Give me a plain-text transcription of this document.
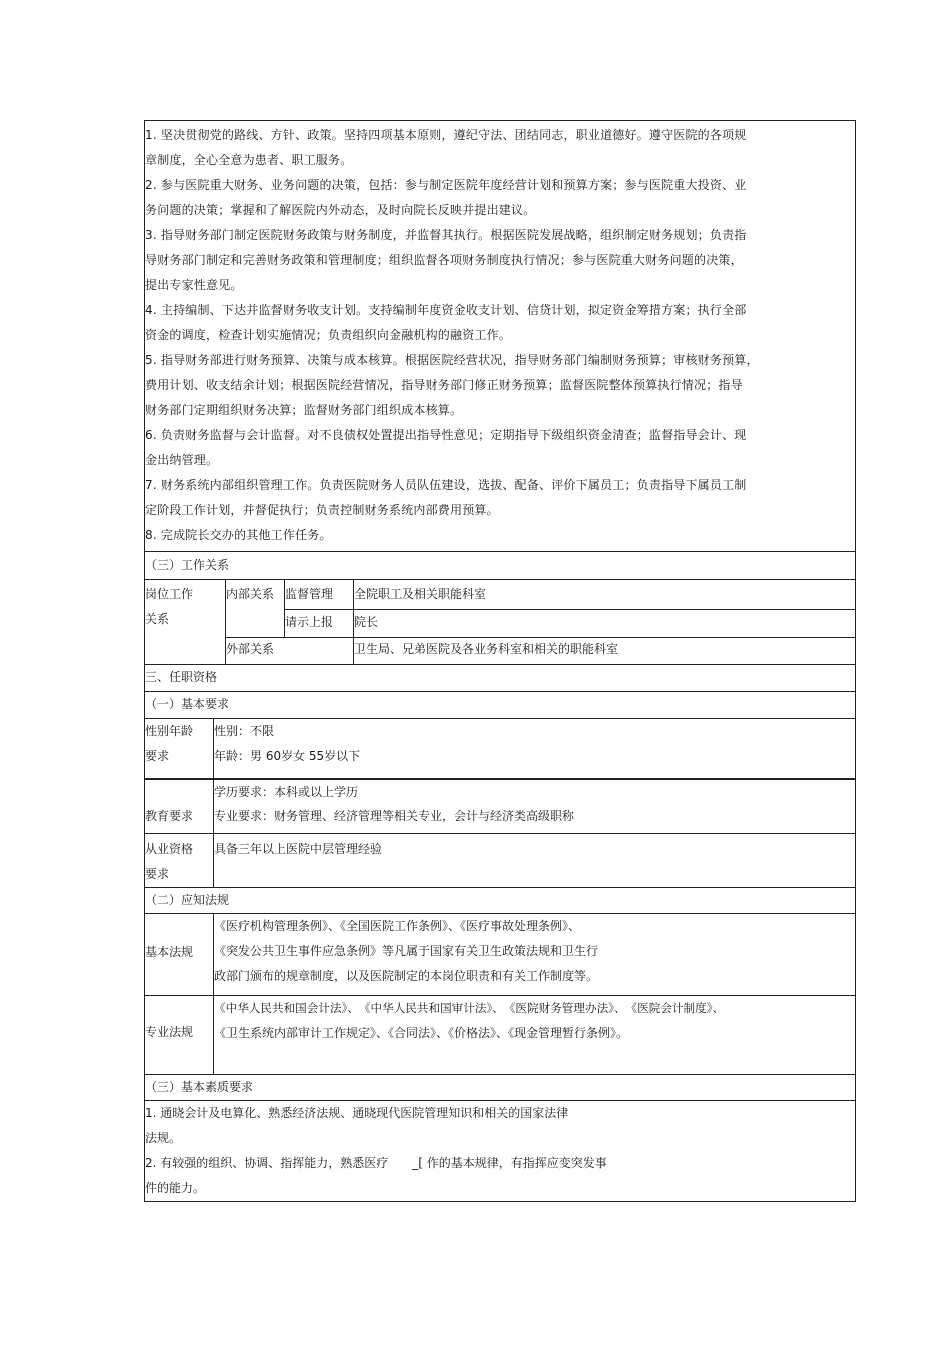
1. 坚决贯彻党的路线、方针、政策。坚持四项基本原则，遵纪守法、团结同志，职业道德好。遵守医院的各项规

章制度，全心全意为患者、职工服务。

2. 参与医院重大财务、业务问题的决策，包括：参与制定医院年度经营计划和预算方案；参与医院重大投资、业

务问题的决策；掌握和了解医院内外动态，及时向院长反映并提出建议。

3. 指导财务部门制定医院财务政策与财务制度，并监督其执行。根据医院发展战略，组织制定财务规划；负责指

导财务部门制定和完善财务政策和管理制度；组织监督各项财务制度执行情况；参与医院重大财务问题的决策，

提出专家性意见。

4. 主持编制、下达并监督财务收支计划。支持编制年度资金收支计划、信贷计划，拟定资金筹措方案；执行全部

资金的调度，检查计划实施情况；负责组织向金融机构的融资工作。

5. 指导财务部进行财务预算、决策与成本核算。根据医院经营状况，指导财务部门编制财务预算；审核财务预算，

费用计划、收支结余计划；根据医院经营情况，指导财务部门修正财务预算；监督医院整体预算执行情况；指导

财务部门定期组织财务决算；监督财务部门组织成本核算。

6. 负责财务监督与会计监督。对不良债权处置提出指导性意见；定期指导下级组织资金清查；监督指导会计、现

金出纳管理。

7. 财务系统内部组织管理工作。负责医院财务人员队伍建设，选拔、配备、评价下属员工；负责指导下属员工制

定阶段工作计划，并督促执行；负责控制财务系统内部费用预算。

8. 完成院长交办的其他工作任务。

（三）工作关系
岗位工作
关系
内部关系 监督管理
请示上报
全院职工及相关职能科室
院长
卫生局、兄弟医院及各业务科室和相关的职能科室
外部关系
三、任职资格
（一）基本要求
性别年龄
要求
性别：不限
年龄：男 60岁女 55岁以下
教育要求
学历要求：本科或以上学历
专业要求：财务管理、经济管理等相关专业，会计与经济类高级职称
从业资格
要求
具备三年以上医院中层管理经验
（二）应知法规
基本法规
《医疗机构管理条例》、《全国医院工作条例》、《医疗事故处理条例》、
《突发公共卫生事件应急条例》等凡属于国家有关卫生政策法规和卫生行
政部门颁布的规章制度，以及医院制定的本岗位职责和有关工作制度等。
专业法规
《中华人民共和国会计法》、　《中华人民共和国审计法》、　《医院财务管理办法》、　《医院会计制度》、
《卫生系统内部审计工作规定》、《合同法》、《价格法》、《现金管理暂行条例》。
（三）基本素质要求
1. 通晓会计及电算化、熟悉经济法规、通晓现代医院管理知识和相关的国家法律
法规。
2. 有较强的组织、协调、指挥能力，熟悉医疗　　_[ 作的基本规律，有指挥应变突发事
件的能力。
